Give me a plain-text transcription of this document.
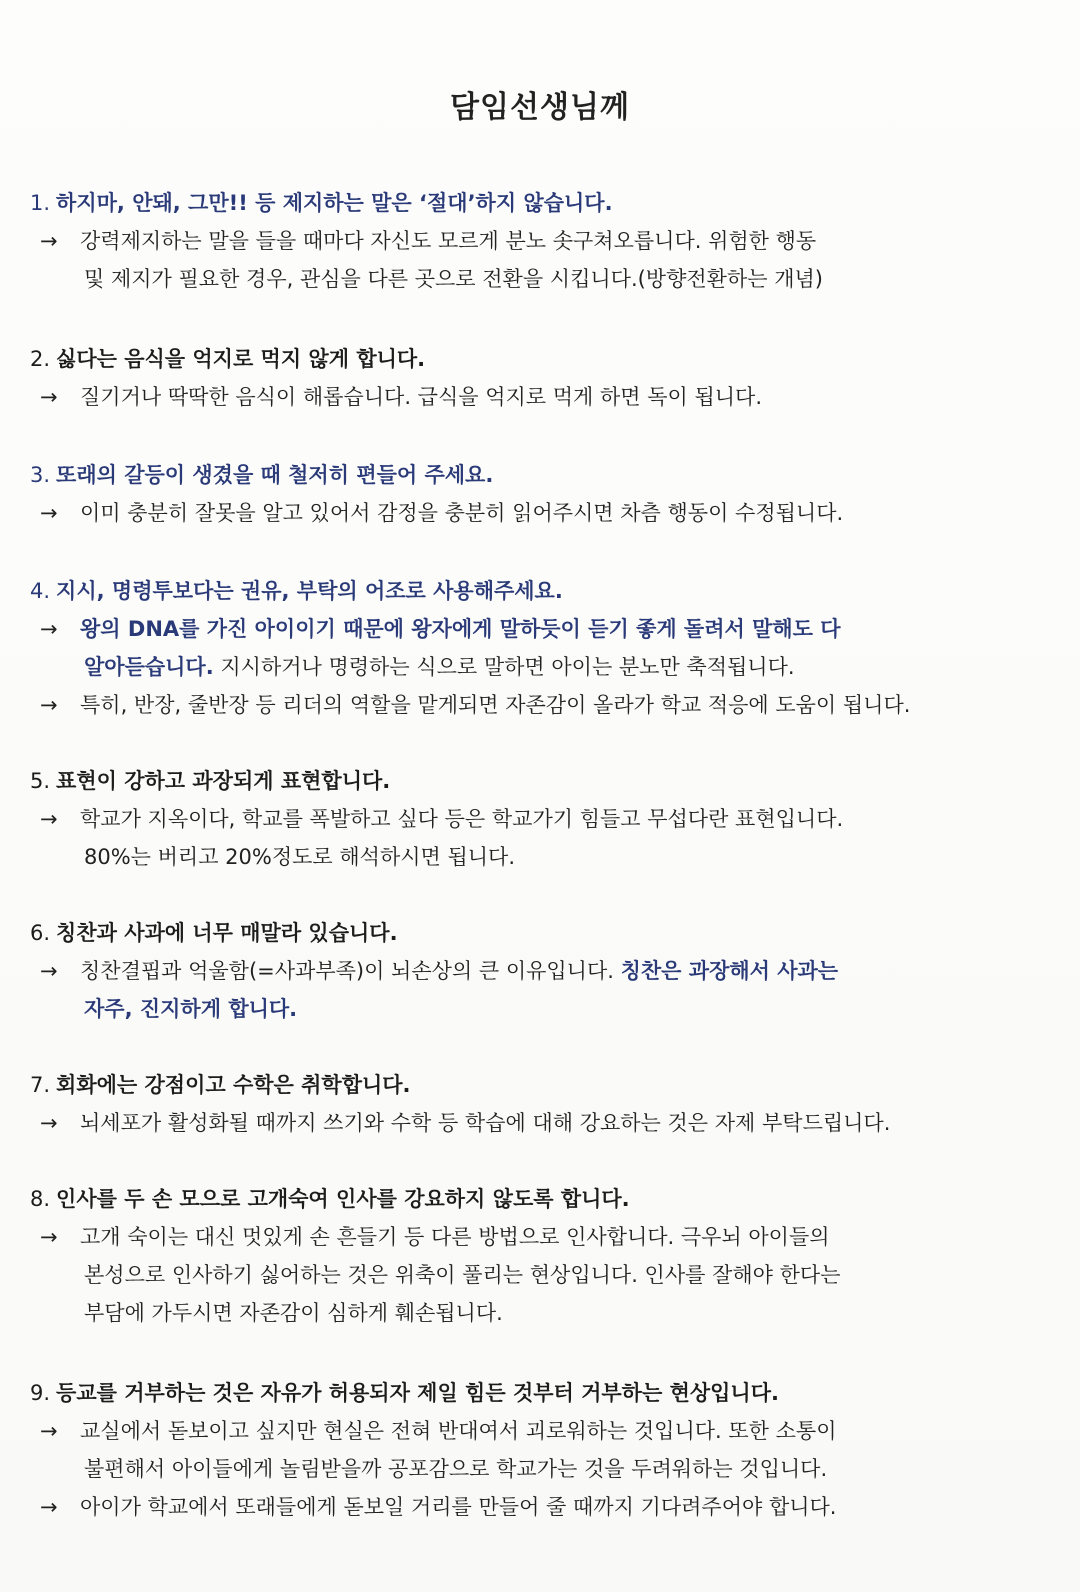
담임선생님께
1. 하지마, 안돼, 그만!! 등 제지하는 말은 ‘절대’하지 않습니다.
→ 강력제지하는 말을 들을 때마다 자신도 모르게 분노 솟구쳐오릅니다. 위험한 행동
및 제지가 필요한 경우, 관심을 다른 곳으로 전환을 시킵니다.(방향전환하는 개념)
2. 싫다는 음식을 억지로 먹지 않게 합니다.
→ 질기거나 딱딱한 음식이 해롭습니다. 급식을 억지로 먹게 하면 독이 됩니다.
3. 또래의 갈등이 생겼을 때 철저히 편들어 주세요.
→ 이미 충분히 잘못을 알고 있어서 감정을 충분히 읽어주시면 차츰 행동이 수정됩니다.
4. 지시, 명령투보다는 권유, 부탁의 어조로 사용해주세요.
→ 왕의 DNA를 가진 아이이기 때문에 왕자에게 말하듯이 듣기 좋게 돌려서 말해도 다
알아듣습니다. 지시하거나 명령하는 식으로 말하면 아이는 분노만 축적됩니다.
→ 특히, 반장, 줄반장 등 리더의 역할을 맡게되면 자존감이 올라가 학교 적응에 도움이 됩니다.
5. 표현이 강하고 과장되게 표현합니다.
→ 학교가 지옥이다, 학교를 폭발하고 싶다 등은 학교가기 힘들고 무섭다란 표현입니다.
80%는 버리고 20%정도로 해석하시면 됩니다.
6. 칭찬과 사과에 너무 매말라 있습니다.
→ 칭찬결핍과 억울함(=사과부족)이 뇌손상의 큰 이유입니다. 칭찬은 과장해서 사과는
자주, 진지하게 합니다.
7. 회화에는 강점이고 수학은 취학합니다.
→ 뇌세포가 활성화될 때까지 쓰기와 수학 등 학습에 대해 강요하는 것은 자제 부탁드립니다.
8. 인사를 두 손 모으로 고개숙여 인사를 강요하지 않도록 합니다.
→ 고개 숙이는 대신 멋있게 손 흔들기 등 다른 방법으로 인사합니다. 극우뇌 아이들의
본성으로 인사하기 싫어하는 것은 위축이 풀리는 현상입니다. 인사를 잘해야 한다는
부담에 가두시면 자존감이 심하게 훼손됩니다.
9. 등교를 거부하는 것은 자유가 허용되자 제일 힘든 것부터 거부하는 현상입니다.
→ 교실에서 돋보이고 싶지만 현실은 전혀 반대여서 괴로워하는 것입니다. 또한 소통이
불편해서 아이들에게 놀림받을까 공포감으로 학교가는 것을 두려워하는 것입니다.
→ 아이가 학교에서 또래들에게 돋보일 거리를 만들어 줄 때까지 기다려주어야 합니다.
